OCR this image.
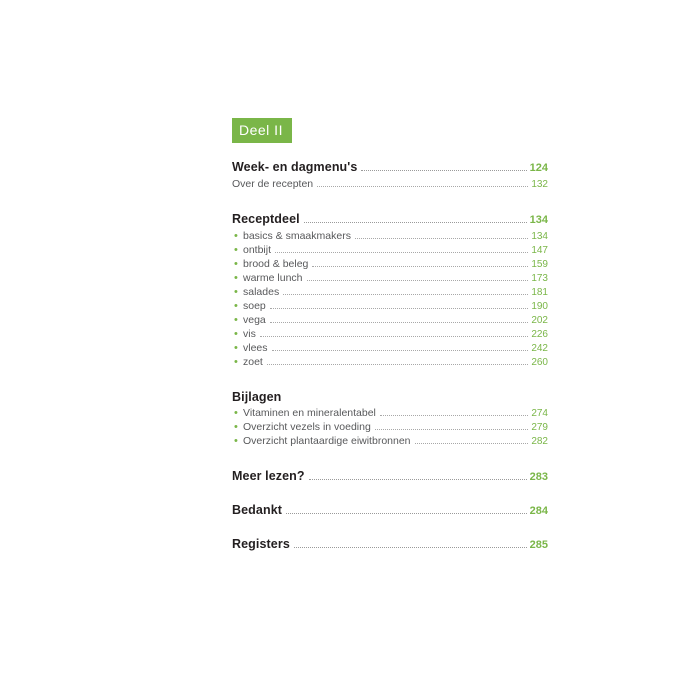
Deel II
Week- en dagmenu's	124
Over de recepten	132
Receptdeel	134
• basics & smaakmakers	134
• ontbijt	147
• brood & beleg	159
• warme lunch	173
• salades	181
• soep	190
• vega	202
• vis	226
• vlees	242
• zoet	260
Bijlagen
• Vitaminen en mineralentabel	274
• Overzicht vezels in voeding	279
• Overzicht plantaardige eiwitbronnen	282
Meer lezen?	283
Bedankt	284
Registers	285
